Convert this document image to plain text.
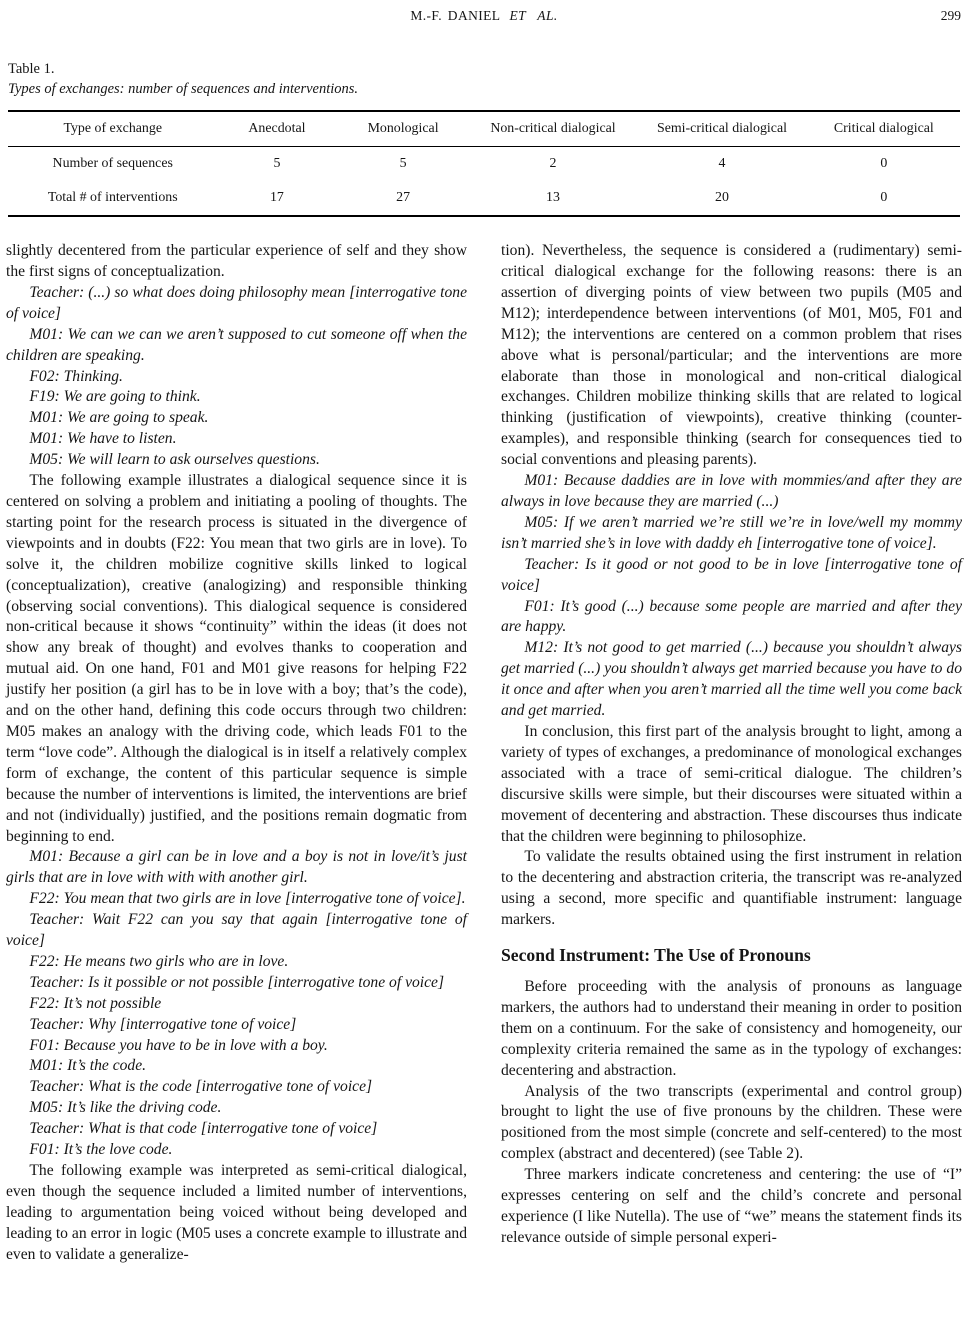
M.-F. DANIEL ET AL.	299
Table 1.
Types of exchanges: number of sequences and interventions.
Type of exchange	Anecdotal	Monological	Non-critical dialogical	Semi-critical dialogical	Critical dialogical
Number of sequences	5	5	2	4	0
Total # of interventions	17	27	13	20	0

slightly decentered from the particular experience of self and they show the first signs of conceptualization.

Teacher: (...) so what does doing philosophy mean [interrogative tone of voice]

M01: We can we can we aren’t supposed to cut someone off when the children are speaking.

F02: Thinking.

F19: We are going to think.

M01: We are going to speak.

M01: We have to listen.

M05: We will learn to ask ourselves questions.

The following example illustrates a dialogical sequence since it is centered on solving a problem and initiating a pooling of thoughts. The starting point for the research process is situated in the divergence of viewpoints and in doubts (F22: You mean that two girls are in love). To solve it, the children mobilize cognitive skills linked to logical (conceptualization), creative (analogizing) and responsible thinking (observing social conventions). This dialogical sequence is considered non-critical because it shows “continuity” within the ideas (it does not show any break of thought) and evolves thanks to cooperation and mutual aid. On one hand, F01 and M01 give reasons for helping F22 justify her position (a girl has to be in love with a boy; that’s the code), and on the other hand, defining this code occurs through two children: M05 makes an analogy with the driving code, which leads F01 to the term “love code”. Although the dialogical is in itself a relatively complex form of exchange, the content of this particular sequence is simple because the number of interventions is limited, the interventions are brief and not (individually) justified, and the positions remain dogmatic from beginning to end.

M01: Because a girl can be in love and a boy is not in love/it’s just girls that are in love with with with another girl.

F22: You mean that two girls are in love [interrogative tone of voice].

Teacher: Wait F22 can you say that again [interrogative tone of voice]

F22: He means two girls who are in love.

Teacher: Is it possible or not possible [interrogative tone of voice]

F22: It’s not possible

Teacher: Why [interrogative tone of voice]

F01: Because you have to be in love with a boy.

M01: It’s the code.

Teacher: What is the code [interrogative tone of voice]

M05: It’s like the driving code.

Teacher: What is that code [interrogative tone of voice]

F01: It’s the love code.

The following example was interpreted as semi-critical dialogical, even though the sequence included a limited number of interventions, leading to argumentation being voiced without being developed and leading to an error in logic (M05 uses a concrete example to illustrate and even to validate a generalize-

tion). Nevertheless, the sequence is considered a (rudimentary) semi-critical dialogical exchange for the following reasons: there is an assertion of diverging points of view between two pupils (M05 and M12); interdependence between interventions (of M01, M05, F01 and M12); the interventions are centered on a common problem that rises above what is personal/particular; and the interventions are more elaborate than those in monological and non-critical dialogical exchanges. Children mobilize thinking skills that are related to logical thinking (justification of viewpoints), creative thinking (counter-examples), and responsible thinking (search for consequences tied to social conventions and pleasing parents).

M01: Because daddies are in love with mommies/and after they are always in love because they are married (...)

M05: If we aren’t married we’re still we’re in love/well my mommy isn’t married she’s in love with daddy eh [interrogative tone of voice].

Teacher: Is it good or not good to be in love [interrogative tone of voice]

F01: It’s good (...) because some people are married and after they are happy.

M12: It’s not good to get married (...) because you shouldn’t always get married (...) you shouldn’t always get married because you have to do it once and after when you aren’t married all the time well you come back and get married.

In conclusion, this first part of the analysis brought to light, among a variety of types of exchanges, a predominance of monological exchanges associated with a trace of semi-critical dialogue. The children’s discursive skills were simple, but their discourses were situated within a movement of decentering and abstraction. These discourses thus indicate that the children were beginning to philosophize.

To validate the results obtained using the first instrument in relation to the decentering and abstraction criteria, the transcript was re-analyzed using a second, more specific and quantifiable instrument: language markers.

Second Instrument: The Use of Pronouns

Before proceeding with the analysis of pronouns as language markers, the authors had to understand their meaning in order to position them on a continuum. For the sake of consistency and homogeneity, our complexity criteria remained the same as in the typology of exchanges: decentering and abstraction.

Analysis of the two transcripts (experimental and control group) brought to light the use of five pronouns by the children. These were positioned from the most simple (concrete and self-centered) to the most complex (abstract and decentered) (see Table 2).

Three markers indicate concreteness and centering: the use of “I” expresses centering on self and the child’s concrete and personal experience (I like Nutella). The use of “we” means the statement finds its relevance outside of simple personal experi-
